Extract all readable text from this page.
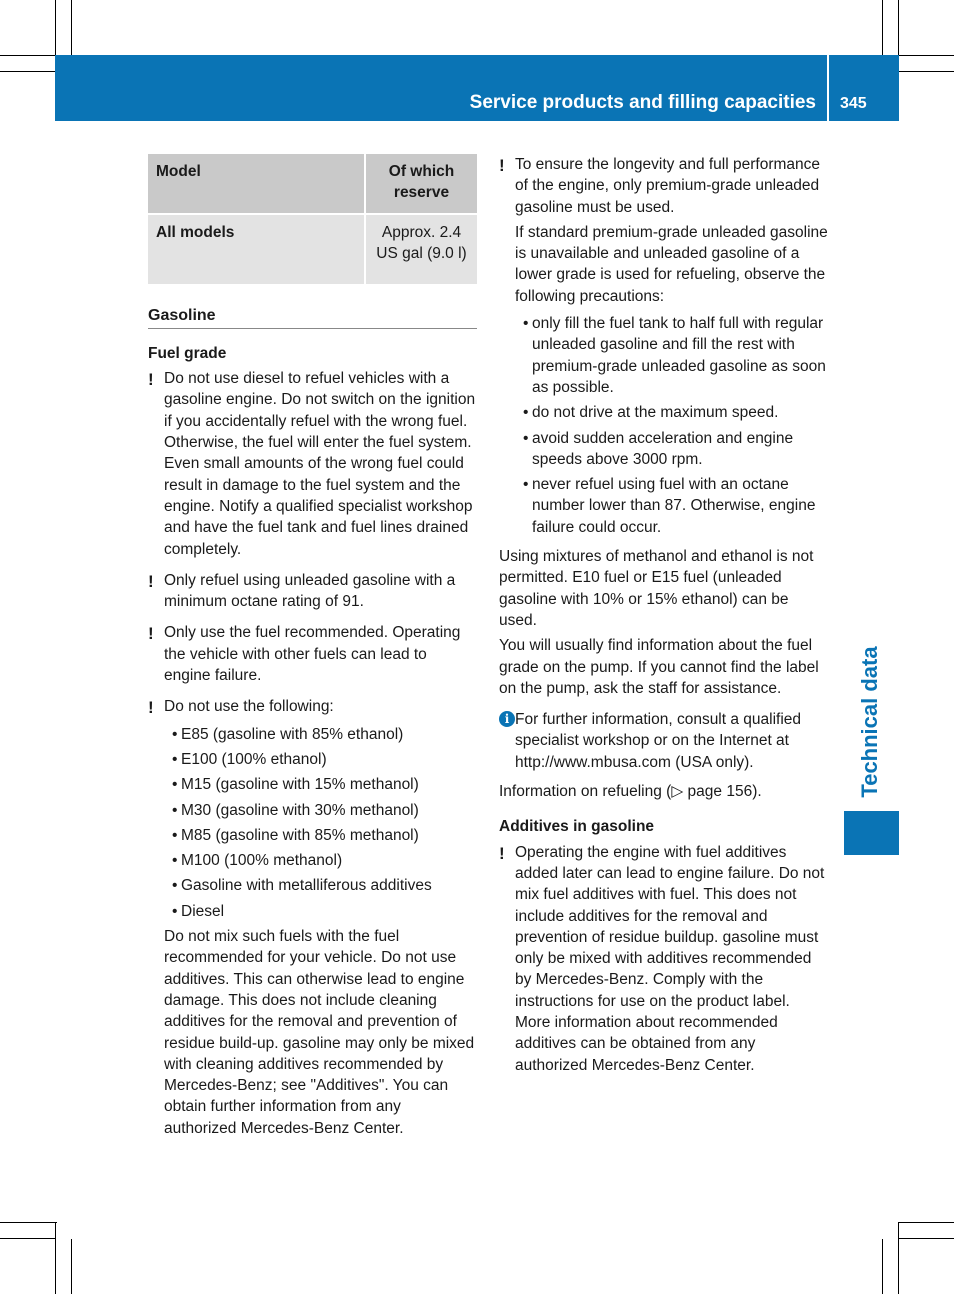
Service products and filling capacities 345
Technical data
Model	Of which reserve
All models	Approx. 2.4 US gal (9.0 l)
Gasoline
Fuel grade
! Do not use diesel to refuel vehicles with a gasoline engine. Do not switch on the ignition if you accidentally refuel with the wrong fuel. Otherwise, the fuel will enter the fuel system. Even small amounts of the wrong fuel could result in damage to the fuel system and the engine. Notify a qualified specialist workshop and have the fuel tank and fuel lines drained completely.

! Only refuel using unleaded gasoline with a minimum octane rating of 91.

! Only use the fuel recommended. Operating the vehicle with other fuels can lead to engine failure.

! Do not use the following:

• E85 (gasoline with 85% ethanol)
• E100 (100% ethanol)
• M15 (gasoline with 15% methanol)
• M30 (gasoline with 30% methanol)
• M85 (gasoline with 85% methanol)
• M100 (100% methanol)
• Gasoline with metalliferous additives
• Diesel

Do not mix such fuels with the fuel recommended for your vehicle. Do not use additives. This can otherwise lead to engine damage. This does not include cleaning additives for the removal and prevention of residue build-up. gasoline may only be mixed with cleaning additives recommended by Mercedes-Benz; see "Additives". You can obtain further information from any authorized Mercedes-Benz Center.

! To ensure the longevity and full performance of the engine, only premium-grade unleaded gasoline must be used.

If standard premium-grade unleaded gasoline is unavailable and unleaded gasoline of a lower grade is used for refueling, observe the following precautions:

• only fill the fuel tank to half full with regular unleaded gasoline and fill the rest with premium-grade unleaded gasoline as soon as possible.
• do not drive at the maximum speed.
• avoid sudden acceleration and engine speeds above 3000 rpm.
• never refuel using fuel with an octane number lower than 87. Otherwise, engine failure could occur.

Using mixtures of methanol and ethanol is not permitted. E10 fuel or E15 fuel (unleaded gasoline with 10% or 15% ethanol) can be used.

You will usually find information about the fuel grade on the pump. If you cannot find the label on the pump, ask the staff for assistance.

i For further information, consult a qualified specialist workshop or on the Internet at http://www.mbusa.com (USA only).

Information on refueling (▷ page 156).

Additives in gasoline
! Operating the engine with fuel additives added later can lead to engine failure. Do not mix fuel additives with fuel. This does not include additives for the removal and prevention of residue buildup. gasoline must only be mixed with additives recommended by Mercedes-Benz. Comply with the instructions for use on the product label. More information about recommended additives can be obtained from any authorized Mercedes-Benz Center.
